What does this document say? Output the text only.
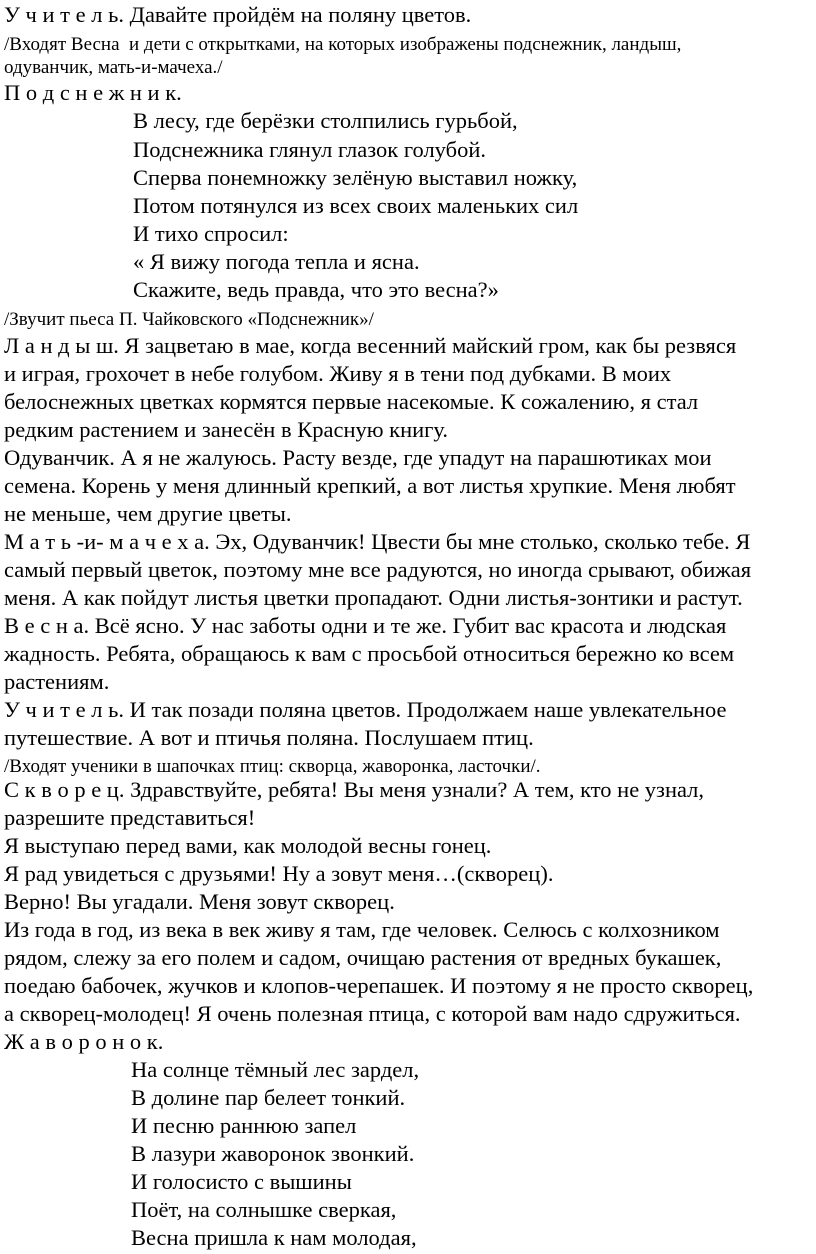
У ч и т е л ь. Давайте пройдём на поляну цветов.
/Входят Весна  и дети с открытками, на которых изображены подснежник, ландыш,
одуванчик, мать-и-мачеха./
П о д с н е ж н и к.
В лесу, где берёзки столпились гурьбой,
Подснежника глянул глазок голубой.
Сперва понемножку зелёную выставил ножку,
Потом потянулся из всех своих маленьких сил
И тихо спросил:
« Я вижу погода тепла и ясна.
Скажите, ведь правда, что это весна?»
/Звучит пьеса П. Чайковского «Подснежник»/
Л а н д ы ш. Я зацветаю в мае, когда весенний майский гром, как бы резвяся
и играя, грохочет в небе голубом. Живу я в тени под дубками. В моих
белоснежных цветках кормятся первые насекомые. К сожалению, я стал
редким растением и занесён в Красную книгу.
Одуванчик. А я не жалуюсь. Расту везде, где упадут на парашютиках мои
семена. Корень у меня длинный крепкий, а вот листья хрупкие. Меня любят
не меньше, чем другие цветы.
М а т ь -и- м а ч е х а. Эх, Одуванчик! Цвести бы мне столько, сколько тебе. Я
самый первый цветок, поэтому мне все радуются, но иногда срывают, обижая
меня. А как пойдут листья цветки пропадают. Одни листья-зонтики и растут.
В е с н а. Всё ясно. У нас заботы одни и те же. Губит вас красота и людская
жадность. Ребята, обращаюсь к вам с просьбой относиться бережно ко всем
растениям.
У ч и т е л ь. И так позади поляна цветов. Продолжаем наше увлекательное
путешествие. А вот и птичья поляна. Послушаем птиц.
/Входят ученики в шапочках птиц: скворца, жаворонка, ласточки/.
С к в о р е ц. Здравствуйте, ребята! Вы меня узнали? А тем, кто не узнал,
разрешите представиться!
Я выступаю перед вами, как молодой весны гонец.
Я рад увидеться с друзьями! Ну а зовут меня…(скворец).
Верно! Вы угадали. Меня зовут скворец.
Из года в год, из века в век живу я там, где человек. Селюсь с колхозником
рядом, слежу за его полем и садом, очищаю растения от вредных букашек,
поедаю бабочек, жучков и клопов-черепашек. И поэтому я не просто скворец,
а скворец-молодец! Я очень полезная птица, с которой вам надо сдружиться.
Ж а в о р о н о к.
На солнце тёмный лес зардел,
В долине пар белеет тонкий.
И песню раннюю запел
В лазури жаворонок звонкий.
И голосисто с вышины
Поёт, на солнышке сверкая,
Весна пришла к нам молодая,
